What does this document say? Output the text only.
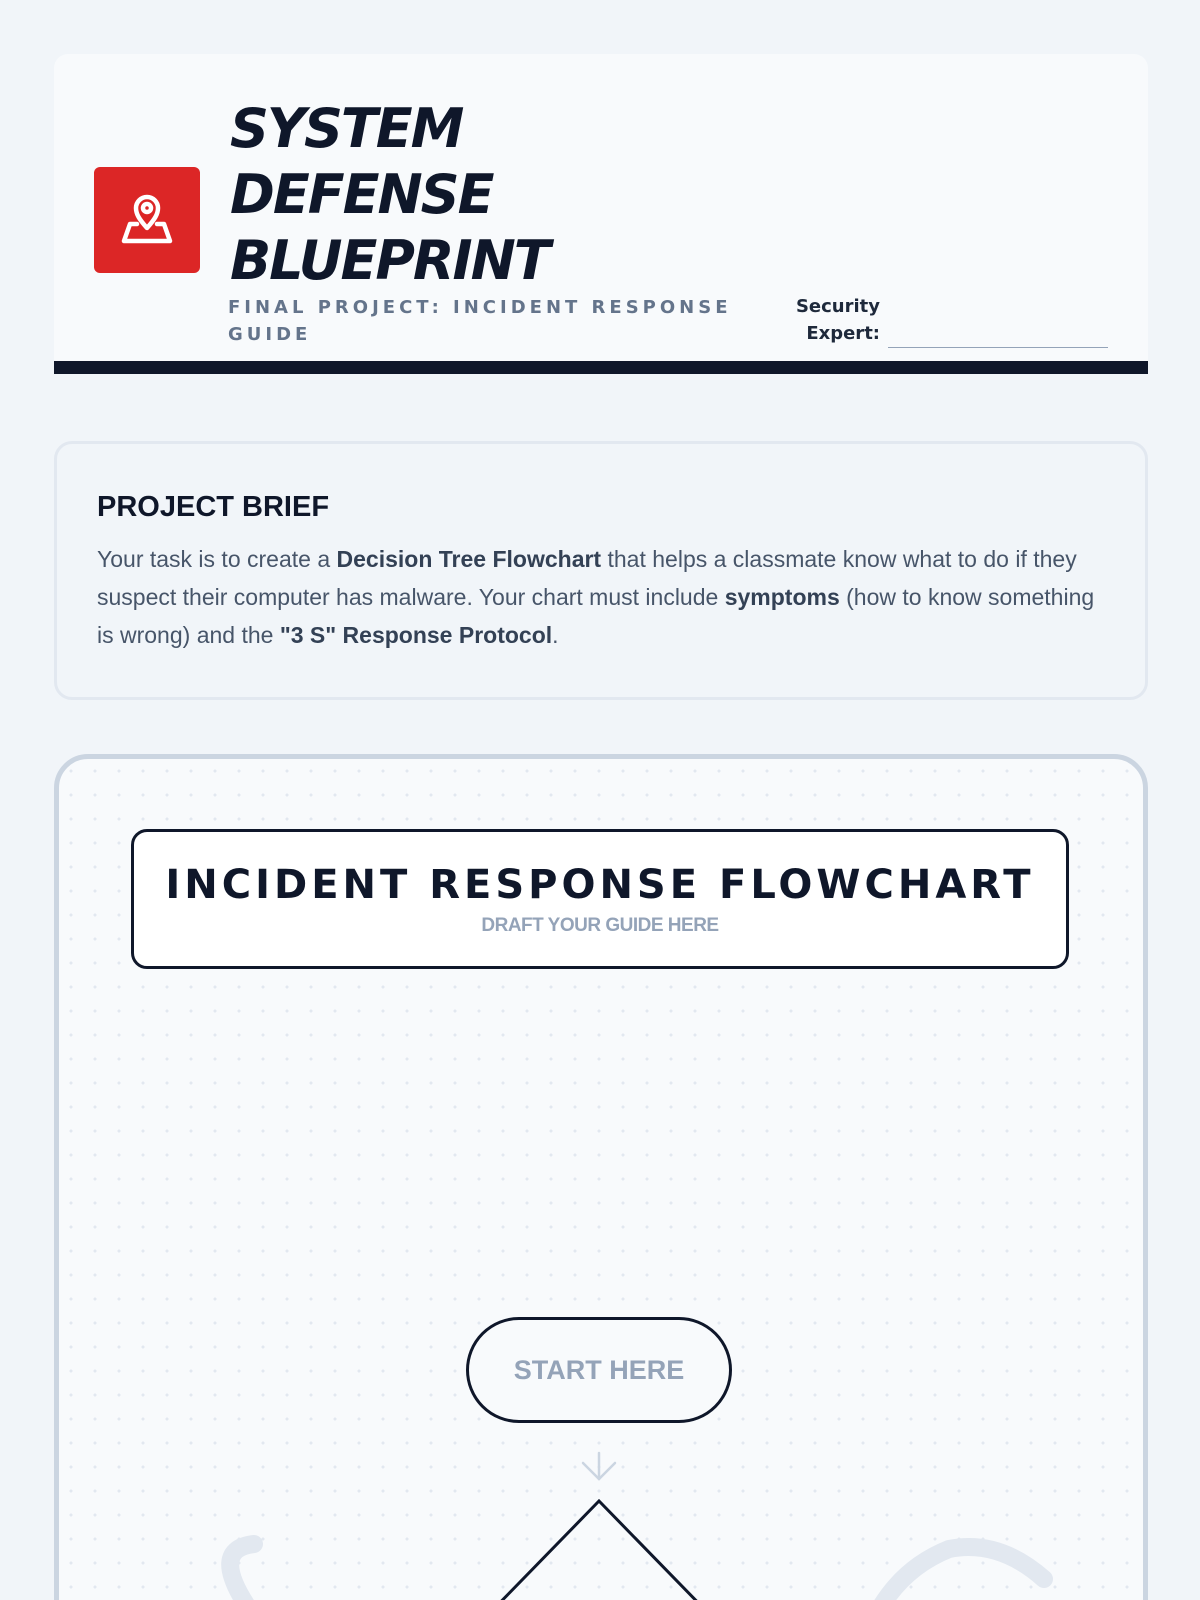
SYSTEM
DEFENSE
BLUEPRINT
FINAL PROJECT: INCIDENT RESPONSE GUIDE
Security Expert:
PROJECT BRIEF

Your task is to create a Decision Tree Flowchart that helps a classmate know what to do if they suspect their computer has malware. Your chart must include symptoms (how to know something is wrong) and the "3 S" Response Protocol.

INCIDENT RESPONSE FLOWCHART

DRAFT YOUR GUIDE HERE

START HERE
